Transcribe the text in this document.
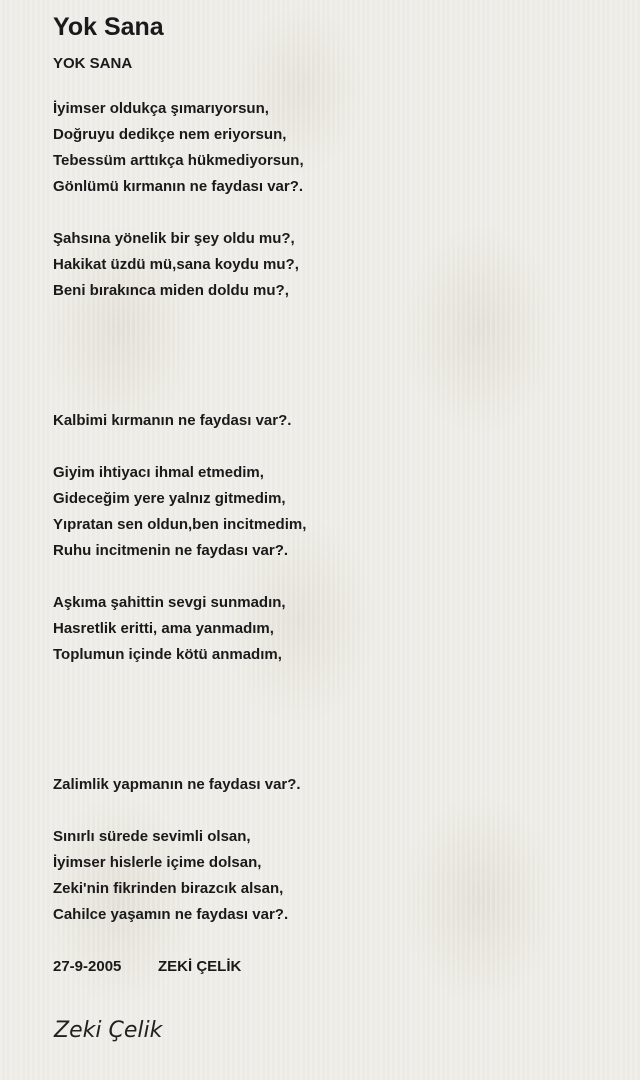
Yok Sana
YOK SANA
İyimser oldukça şımarıyorsun,
Doğruyu dedikçe nem eriyorsun,
Tebessüm arttıkça hükmediyorsun,
Gönlümü kırmanın ne faydası var?.
Şahsına yönelik bir şey oldu mu?,
Hakikat üzdü mü,sana koydu mu?,
Beni bırakınca miden doldu mu?,
Kalbimi kırmanın ne faydası var?.
Giyim ihtiyacı ihmal etmedim,
Gideceğim yere yalnız gitmedim,
Yıpratan sen oldun,ben incitmedim,
Ruhu incitmenin ne faydası var?.
Aşkıma şahittin sevgi sunmadın,
Hasretlik eritti, ama yanmadım,
Toplumun içinde kötü anmadım,
Zalimlik yapmanın ne faydası var?.
Sınırlı sürede sevimli olsan,
İyimser hislerle içime dolsan,
Zeki'nin fikrinden birazcık alsan,
Cahilce yaşamın ne faydası var?.
27-9-2005 ZEKİ ÇELİK
Zeki Çelik
